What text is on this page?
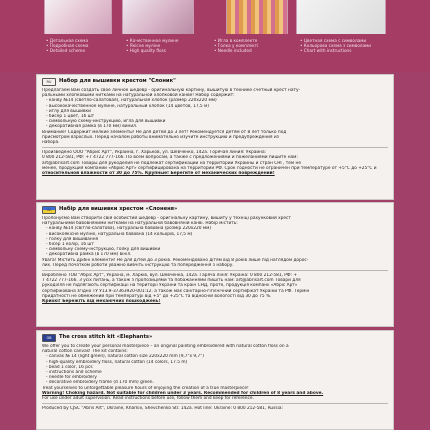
• Детальная схема
• Подробная схема
• Detailed scheme
• Качественное мулине
• Якісне муліне
• High quality floss
• Игла в комплекте
• Голка у комплекті
• Needle included
• Цветная схема с символами
• Кольорова схема з символами
• Chart with instructions
RU	Набор для вышивки крестом "Слоник"
Предлагаем Вам создать свое личное шедевр - оригинальную картину, вышитую в технике счетный крест нату-
ральными хлопковыми нитками на натуральной хлопковой канве! Набор содержит:
- канву №14 (светло-салатовая), натуральная хлопок (размер 220х220 мм)
- высококачественное мулине, натуральный хлопок (14 цветов, 17,5 м)
- иглу для вышивки
- бисер 1 цвет, 16 шт
- символьную схему-инструкцию, игла для вышивки
- декоративная рамка (в 170 мм) винил.
Внимание! Содержит мелкие элементы! Не для детей до 3 лет! Рекомендуется детям от 8 лет только под
присмотром взрослых. Перед началом работы внимательно изучите инструкцию и предупреждения из
набора.
Произведено ООО "Абрис Арт", Украина, г. Харьков, ул. Шевченко, 142а. Горячая линия: Украина:
0 800 212-581, РФ: +7 4722 777-166. По всем вопросам, а также с предложениями и пожеланиями пишите нам:
art@abrisart.com Товары для рукоделия не подлежат сертификации на территории Украины и стран СНГ, тем не
менее, продукция компании «Абрис Арт» сертифицирована на территории РФ. Срок годности не ограничен при температуре от +5°С до +25°С и
относительной влажности от 30 до 75%. Крупные! Берегите от механических повреждений!
UA	Набір для вишивки хрестом «Слоненя»
Пропонуємо Вам створити свій особистий шедевр - оригінальну картину, вишиту у техніці рахунковий хрест
натуральними бавовняними нитками на натуральній бавовняній канві. Набір містить:
- канву №14 (світло-салатова), натуральна бавовна (розмір 220х220 мм)
- високоякісне муліне, натуральна бавовна (14 кольорів, 17,5 м)
- голку для вишивання
- бісер 1 колір, 16 шт
- символьну схему-інструкцію, голку для вишивки
- декоративна рамка (в 170 мм) вініл.
Увага! Містить дрібні елементи! Не для дітей до 3 років. Рекомендовано дітям від 8 років лише під наглядом дорос-
лих. Перед початком роботи уважно вивчіть інструкцію та попередження з набору.
Вироблено ТОВ "Абріс Арт", Україна, м. Харків, вул. Шевченка, 142а. Гаряча лінія: Україна: 0 800 212-581, РФ: +
7 4722 777-166. З усіх питань, а також з пропозиціями та побажаннями пишіть нам: art@abrisart.com Товари для
рукоділля не підлягають сертифікації на території України та країн СНД, проте, продукція компанії «Абріс Арт»
сертифікована згідно ТУ У13.9-37363920-001:12. а також має санітарно-гігієнічний сертифікат України та РФ. Термін
придатності не обмежений при температурі від +5° до +25°С та відносній вологості від 30 до 75 %.
Крихкі! Бережіть від механічних пошкоджень!
GB	The cross stitch kit «Elephants»
We offer you to create your personal masterpiece – an original painting embroidered with natural cotton floss on a
natural cotton canvas! The kit contains:
- canvas № 14 (light green), natural cotton size 220x220 mm (9,7"x 9,7")
- high-quality embroidery floss, natural cotton (14 colors, 17.5 m)
- bead 1 color, 16 pcs
- instructions and scheme
- needle for embroidery
- decorative embroidery frame (d 170 mm) green.
Treat yourselves to unforgettable pleasure hours of enjoying the creation of a true masterpiece!
Warning! Choking hazard. Not suitable for children under 3 years. Recommended for children of 8 years and above.
For use under adult supervision. Read instructions before use, follow them and keep for reference.
Produced by CJSC "Abris Art", Ukraine, Kharkiv, Shevchenko Str. 142a. Hot line: Ukraine: 0 800 212-581, Russia:
